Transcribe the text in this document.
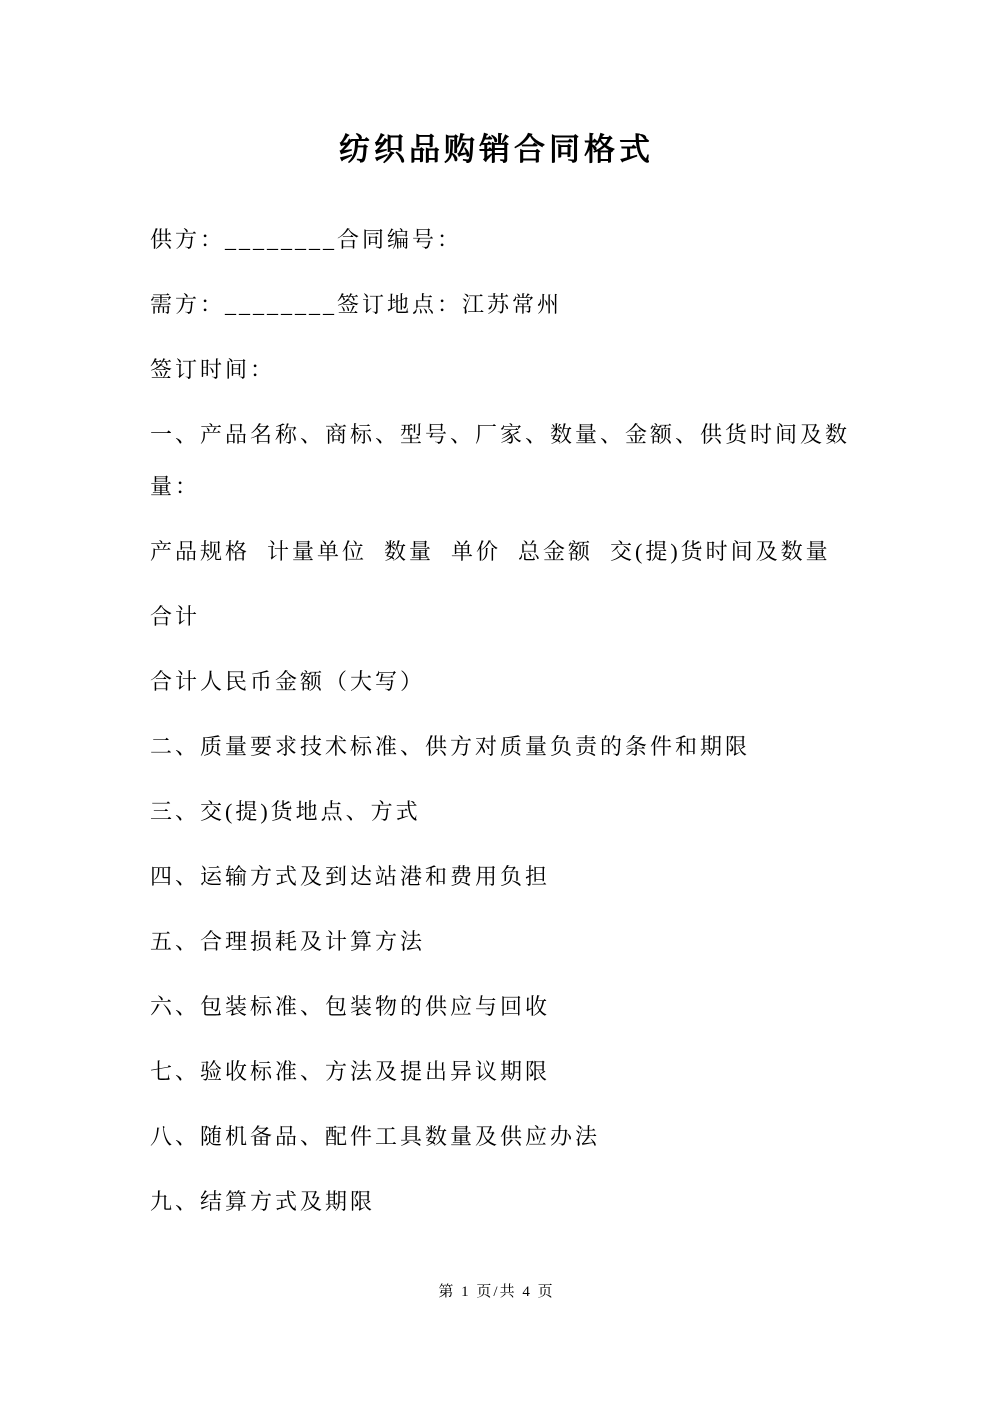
纺织品购销合同格式

供方：________合同编号：

需方：________签订地点：江苏常州

签订时间：

一、产品名称、商标、型号、厂家、数量、金额、供货时间及数量：

产品规格  计量单位  数量  单价  总金额  交(提)货时间及数量

合计

合计人民币金额（大写）

二、质量要求技术标准、供方对质量负责的条件和期限

三、交(提)货地点、方式

四、运输方式及到达站港和费用负担

五、合理损耗及计算方法

六、包装标准、包装物的供应与回收

七、验收标准、方法及提出异议期限

八、随机备品、配件工具数量及供应办法

九、结算方式及期限

第 1 页/共 4 页
